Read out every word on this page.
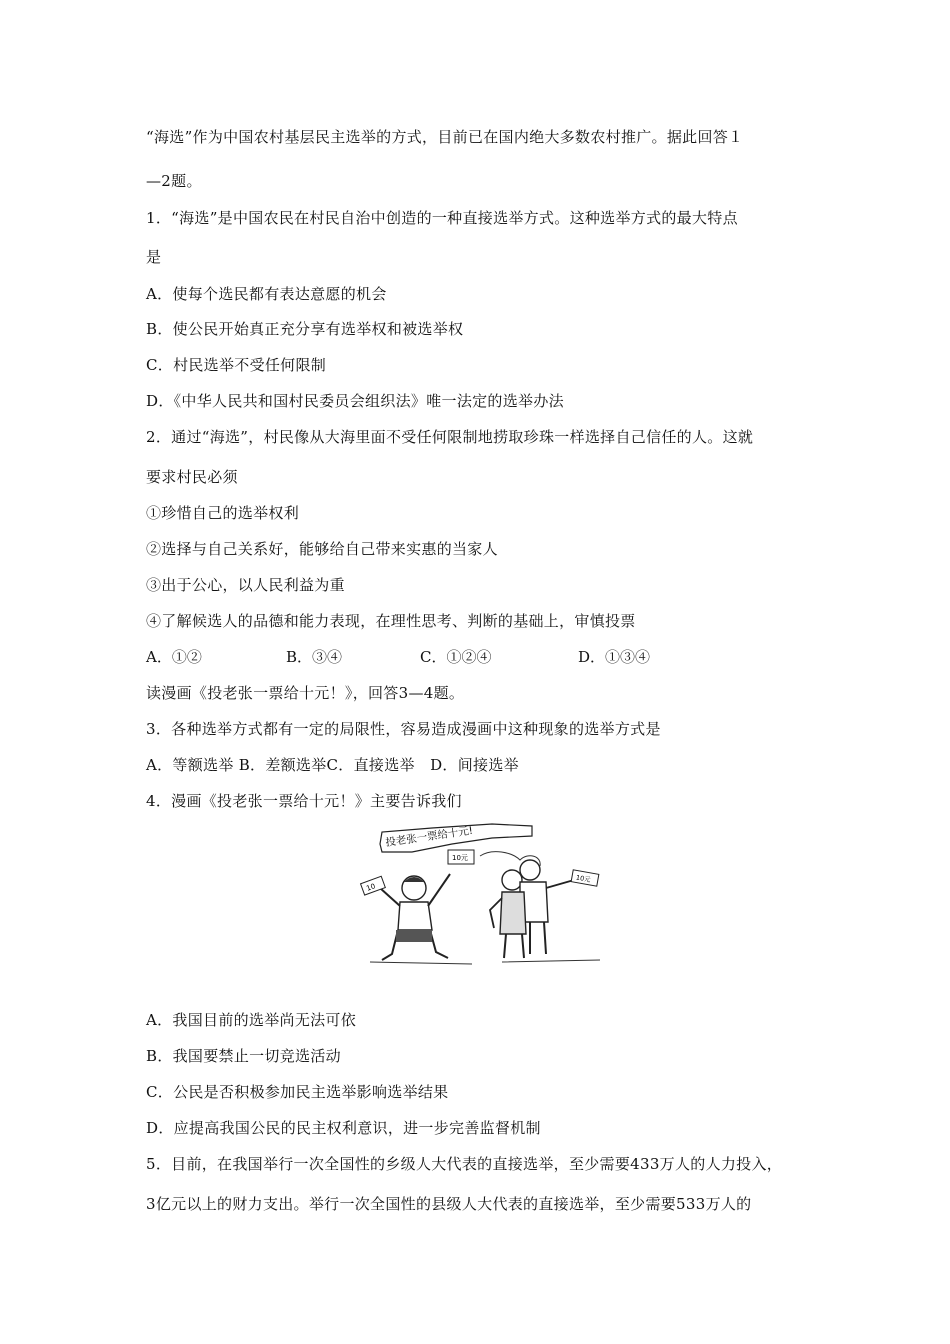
“海选”作为中国农村基层民主选举的方式，目前已在国内绝大多数农村推广。据此回答１
—2题。
1．“海选”是中国农民在村民自治中创造的一种直接选举方式。这种选举方式的最大特点
是
A．使每个选民都有表达意愿的机会
B．使公民开始真正充分享有选举权和被选举权
C．村民选举不受任何限制
D．《中华人民共和国村民委员会组织法》唯一法定的选举办法
2．通过“海选”，村民像从大海里面不受任何限制地捞取珍珠一样选择自己信任的人。这就
要求村民必须
①珍惜自己的选举权利
②选择与自己关系好，能够给自己带来实惠的当家人
③出于公心，以人民利益为重
④了解候选人的品德和能力表现，在理性思考、判断的基础上，审慎投票
A．①②	B．③④	C．①②④	D．①③④
读漫画《投老张一票给十元！》，回答3—4题。
3．各种选举方式都有一定的局限性，容易造成漫画中这种现象的选举方式是
A．等额选举 B．差额选举C．直接选举　D．间接选举
4．漫画《投老张一票给十元！》主要告诉我们
投老张一票给十元!
10
10元
10元
A．我国目前的选举尚无法可依
B．我国要禁止一切竞选活动
C．公民是否积极参加民主选举影响选举结果
D．应提高我国公民的民主权利意识，进一步完善监督机制
5．目前，在我国举行一次全国性的乡级人大代表的直接选举，至少需要433万人的人力投入，
3亿元以上的财力支出。举行一次全国性的县级人大代表的直接选举，至少需要533万人的
